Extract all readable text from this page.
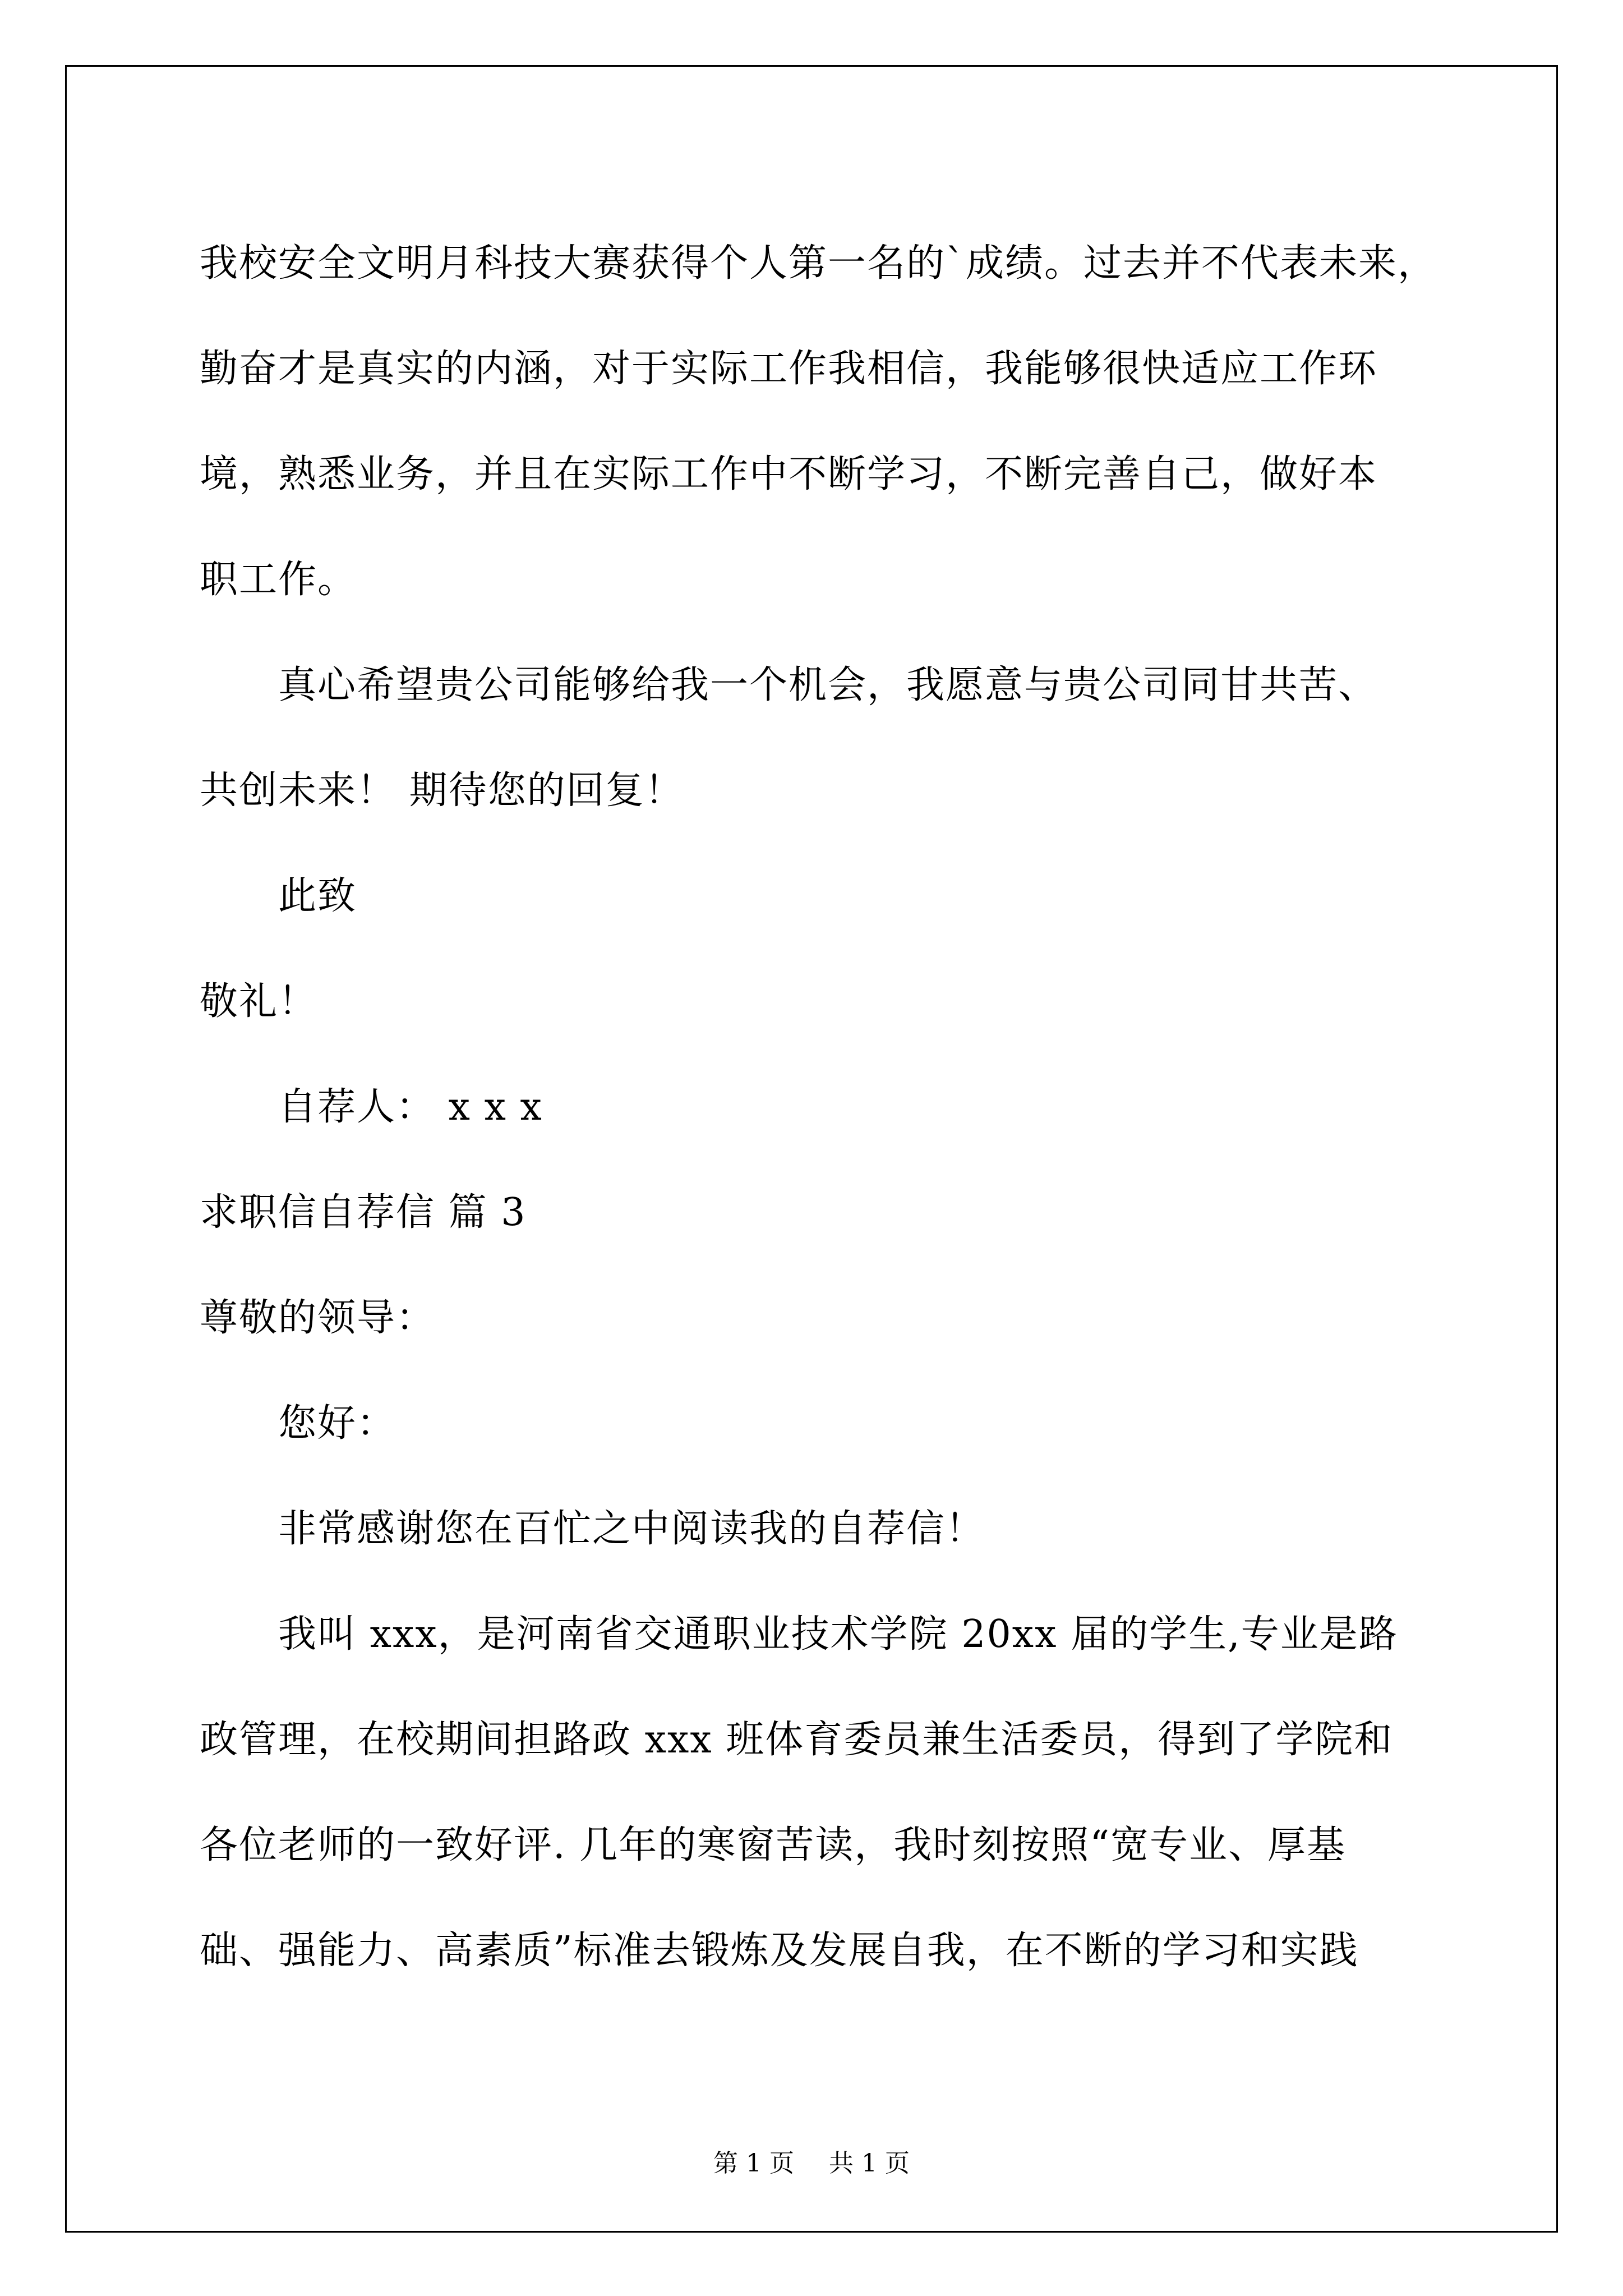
我校安全文明月科技大赛获得个人第一名的`成绩。过去并不代表未来，
勤奋才是真实的内涵，对于实际工作我相信，我能够很快适应工作环
境，熟悉业务，并且在实际工作中不断学习，不断完善自己，做好本
职工作。
真心希望贵公司能够给我一个机会，我愿意与贵公司同甘共苦、
共创未来！ 期待您的回复！
此致
敬礼！
自荐人： x x x
求职信自荐信 篇 3
尊敬的领导：
您好：
非常感谢您在百忙之中阅读我的自荐信！
我叫 xxx，是河南省交通职业技术学院 20xx 届的学生,专业是路
政管理，在校期间担路政 xxx 班体育委员兼生活委员，得到了学院和
各位老师的一致好评. 几年的寒窗苦读，我时刻按照“宽专业、厚基
础、强能力、高素质”标准去锻炼及发展自我，在不断的学习和实践
第 1 页 共 1 页
